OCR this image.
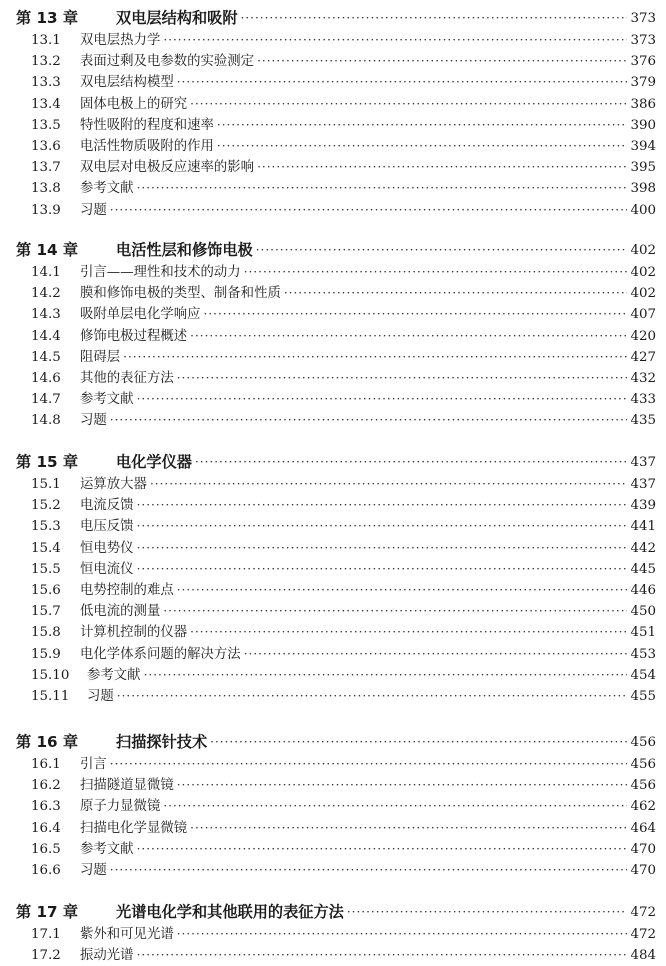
第 13 章	双电层结构和吸附 ·····	373
13.1	双电层热力学 ·····	373
13.2	表面过剩及电参数的实验测定 ·····	376
13.3	双电层结构模型 ·····	379
13.4	固体电极上的研究 ·····	386
13.5	特性吸附的程度和速率 ·····	390
13.6	电活性物质吸附的作用 ·····	394
13.7	双电层对电极反应速率的影响 ·····	395
13.8	参考文献 ·····	398
13.9	习题 ·····	400
第 14 章	电活性层和修饰电极 ·····	402
14.1	引言——理性和技术的动力 ·····	402
14.2	膜和修饰电极的类型、制备和性质 ·····	402
14.3	吸附单层电化学响应 ·····	407
14.4	修饰电极过程概述 ·····	420
14.5	阻碍层 ·····	427
14.6	其他的表征方法 ·····	432
14.7	参考文献 ·····	433
14.8	习题 ·····	435
第 15 章	电化学仪器 ·····	437
15.1	运算放大器 ·····	437
15.2	电流反馈 ·····	439
15.3	电压反馈 ·····	441
15.4	恒电势仪 ·····	442
15.5	恒电流仪 ·····	445
15.6	电势控制的难点 ·····	446
15.7	低电流的测量 ·····	450
15.8	计算机控制的仪器 ·····	451
15.9	电化学体系问题的解决方法 ·····	453
15.10	参考文献 ·····	454
15.11	习题 ·····	455
第 16 章	扫描探针技术 ·····	456
16.1	引言 ·····	456
16.2	扫描隧道显微镜 ·····	456
16.3	原子力显微镜 ·····	462
16.4	扫描电化学显微镜 ·····	464
16.5	参考文献 ·····	470
16.6	习题 ·····	470
第 17 章	光谱电化学和其他联用的表征方法 ·····	472
17.1	紫外和可见光谱 ·····	472
17.2	振动光谱 ·····	484
